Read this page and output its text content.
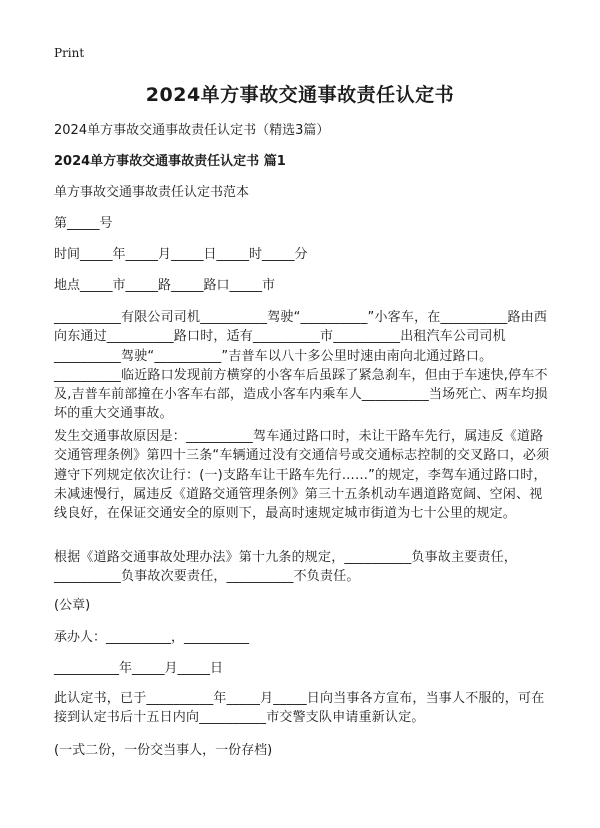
Print
2024单方事故交通事故责任认定书
2024单方事故交通事故责任认定书（精选3篇）
2024单方事故交通事故责任认定书 篇1
单方事故交通事故责任认定书范本
第_____号
时间_____年_____月_____日_____时_____分
地点_____市_____路_____路口_____市
__________有限公司司机__________驾驶“__________”小客车，在__________路由西向东通过__________路口时，适有__________市__________出租汽车公司司机__________驾驶“__________”吉普车以八十多公里时速由南向北通过路口。__________临近路口发现前方横穿的小客车后虽踩了紧急刹车，但由于车速快,停车不及,吉普车前部撞在小客车右部，造成小客车内乘车人__________当场死亡、两车均损坏的重大交通事故。
发生交通事故原因是：__________驾车通过路口时，未让干路车先行，属违反《道路交通管理条例》第四十三条“车辆通过没有交通信号或交通标志控制的交叉路口，必须遵守下列规定依次让行：(一)支路车让干路车先行……”的规定，李驾车通过路口时，未减速慢行，属违反《道路交通管理条例》第三十五条机动车遇道路宽阔、空闲、视线良好，在保证交通安全的原则下，最高时速规定城市街道为七十公里的规定。
根据《道路交通事故处理办法》第十九条的规定，__________负事故主要责任，__________负事故次要责任，__________不负责任。
(公章)
承办人：__________，__________
__________年_____月_____日
此认定书，已于__________年_____月_____日向当事各方宣布，当事人不服的，可在接到认定书后十五日内向__________市交警支队申请重新认定。
(一式二份，一份交当事人，一份存档)
